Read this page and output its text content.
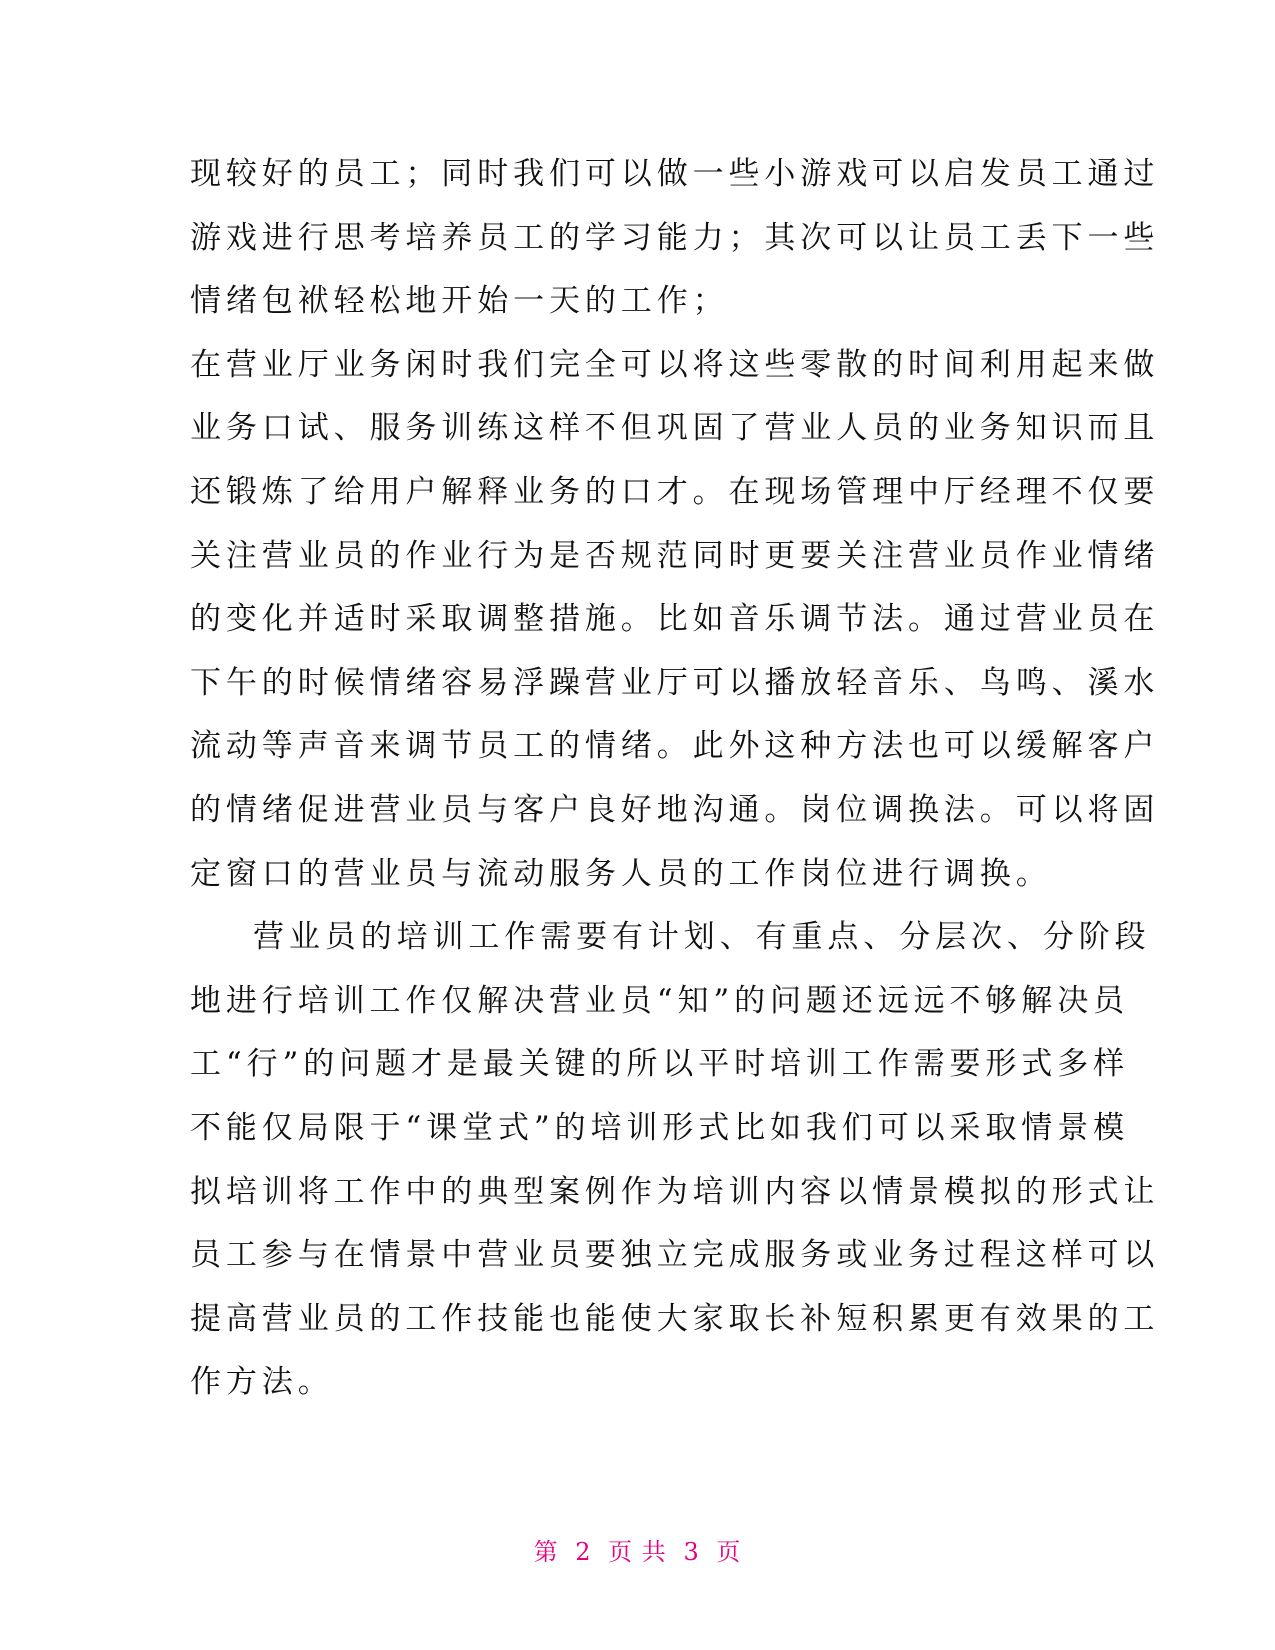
现较好的员工；同时我们可以做一些小游戏可以启发员工通过
游戏进行思考培养员工的学习能力；其次可以让员工丢下一些
情绪包袱轻松地开始一天的工作；
在营业厅业务闲时我们完全可以将这些零散的时间利用起来做
业务口试、服务训练这样不但巩固了营业人员的业务知识而且
还锻炼了给用户解释业务的口才。在现场管理中厅经理不仅要
关注营业员的作业行为是否规范同时更要关注营业员作业情绪
的变化并适时采取调整措施。比如音乐调节法。通过营业员在
下午的时候情绪容易浮躁营业厅可以播放轻音乐、鸟鸣、溪水
流动等声音来调节员工的情绪。此外这种方法也可以缓解客户
的情绪促进营业员与客户良好地沟通。岗位调换法。可以将固
定窗口的营业员与流动服务人员的工作岗位进行调换。
营业员的培训工作需要有计划、有重点、分层次、分阶段
地进行培训工作仅解决营业员“知”的问题还远远不够解决员
工“行”的问题才是最关键的所以平时培训工作需要形式多样
不能仅局限于“课堂式”的培训形式比如我们可以采取情景模
拟培训将工作中的典型案例作为培训内容以情景模拟的形式让
员工参与在情景中营业员要独立完成服务或业务过程这样可以
提高营业员的工作技能也能使大家取长补短积累更有效果的工
作方法。
第 2 页 共 3 页
